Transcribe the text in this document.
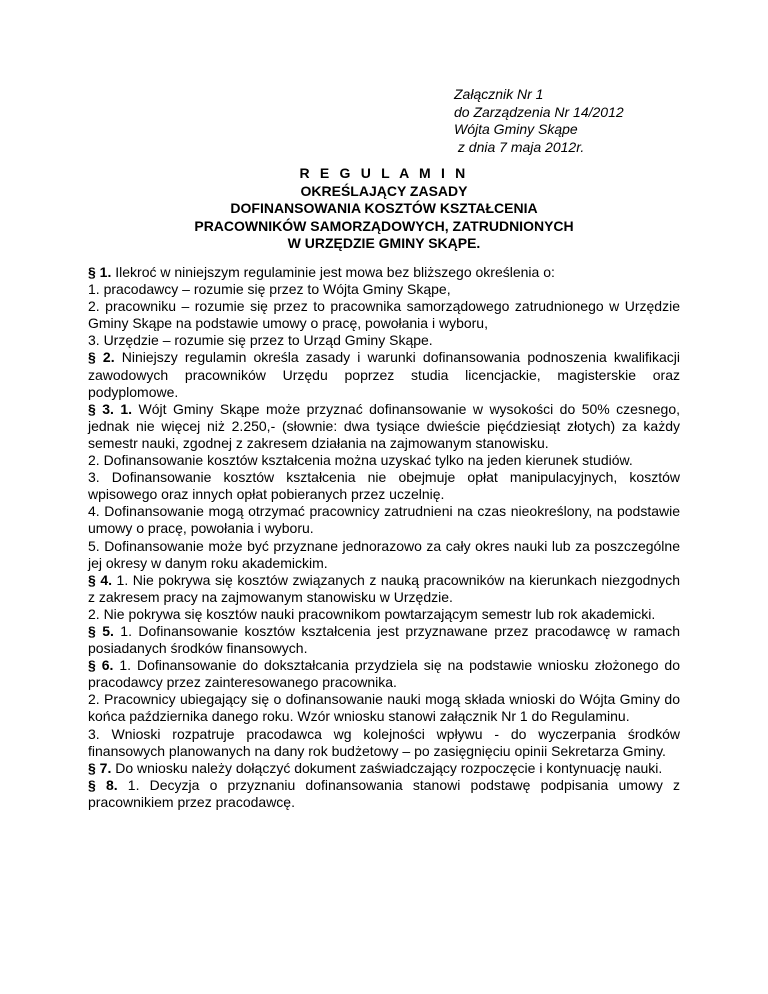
Załącznik Nr 1
do Zarządzenia Nr 14/2012
Wójta Gminy Skąpe
z dnia 7 maja 2012r.
R E G U L A M I N
OKREŚLAJĄCY ZASADY
DOFINANSOWANIA KOSZTÓW KSZTAŁCENIA
PRACOWNIKÓW SAMORZĄDOWYCH, ZATRUDNIONYCH
W URZĘDZIE GMINY SKĄPE.

§ 1. Ilekroć w niniejszym regulaminie jest mowa bez bliższego określenia o:

1. pracodawcy – rozumie się przez to Wójta Gminy Skąpe,

2. pracowniku – rozumie się przez to pracownika samorządowego zatrudnionego w Urzędzie Gminy Skąpe na podstawie umowy o pracę, powołania i wyboru,

3. Urzędzie – rozumie się przez to Urząd Gminy Skąpe.

§ 2. Niniejszy regulamin określa zasady i warunki dofinansowania podnoszenia kwalifikacji zawodowych pracowników Urzędu poprzez studia licencjackie, magisterskie oraz podyplomowe.

§ 3. 1. Wójt Gminy Skąpe może przyznać dofinansowanie w wysokości do 50% czesnego, jednak nie więcej niż 2.250,- (słownie: dwa tysiące dwieście pięćdziesiąt złotych) za każdy semestr nauki, zgodnej z zakresem działania na zajmowanym stanowisku.

2. Dofinansowanie kosztów kształcenia można uzyskać tylko na jeden kierunek studiów.

3. Dofinansowanie kosztów kształcenia nie obejmuje opłat manipulacyjnych, kosztów wpisowego oraz innych opłat pobieranych przez uczelnię.

4. Dofinansowanie mogą otrzymać pracownicy zatrudnieni na czas nieokreślony, na podstawie umowy o pracę, powołania i wyboru.

5. Dofinansowanie może być przyznane jednorazowo za cały okres nauki lub za poszczególne jej okresy w danym roku akademickim.

§ 4. 1. Nie pokrywa się kosztów związanych z nauką pracowników na kierunkach niezgodnych z zakresem pracy na zajmowanym stanowisku w Urzędzie.

2. Nie pokrywa się kosztów nauki pracownikom powtarzającym semestr lub rok akademicki.

§ 5. 1. Dofinansowanie kosztów kształcenia jest przyznawane przez pracodawcę w ramach posiadanych środków finansowych.

§ 6. 1. Dofinansowanie do dokształcania przydziela się na podstawie wniosku złożonego do pracodawcy przez zainteresowanego pracownika.

2. Pracownicy ubiegający się o dofinansowanie nauki mogą składa wnioski do Wójta Gminy do końca października danego roku. Wzór wniosku stanowi załącznik Nr 1 do Regulaminu.

3. Wnioski rozpatruje pracodawca wg kolejności wpływu - do wyczerpania środków finansowych planowanych na dany rok budżetowy – po zasięgnięciu opinii Sekretarza Gminy.

§ 7. Do wniosku należy dołączyć dokument zaświadczający rozpoczęcie i kontynuację nauki.

§ 8. 1. Decyzja o przyznaniu dofinansowania stanowi podstawę podpisania umowy z pracownikiem przez pracodawcę.
